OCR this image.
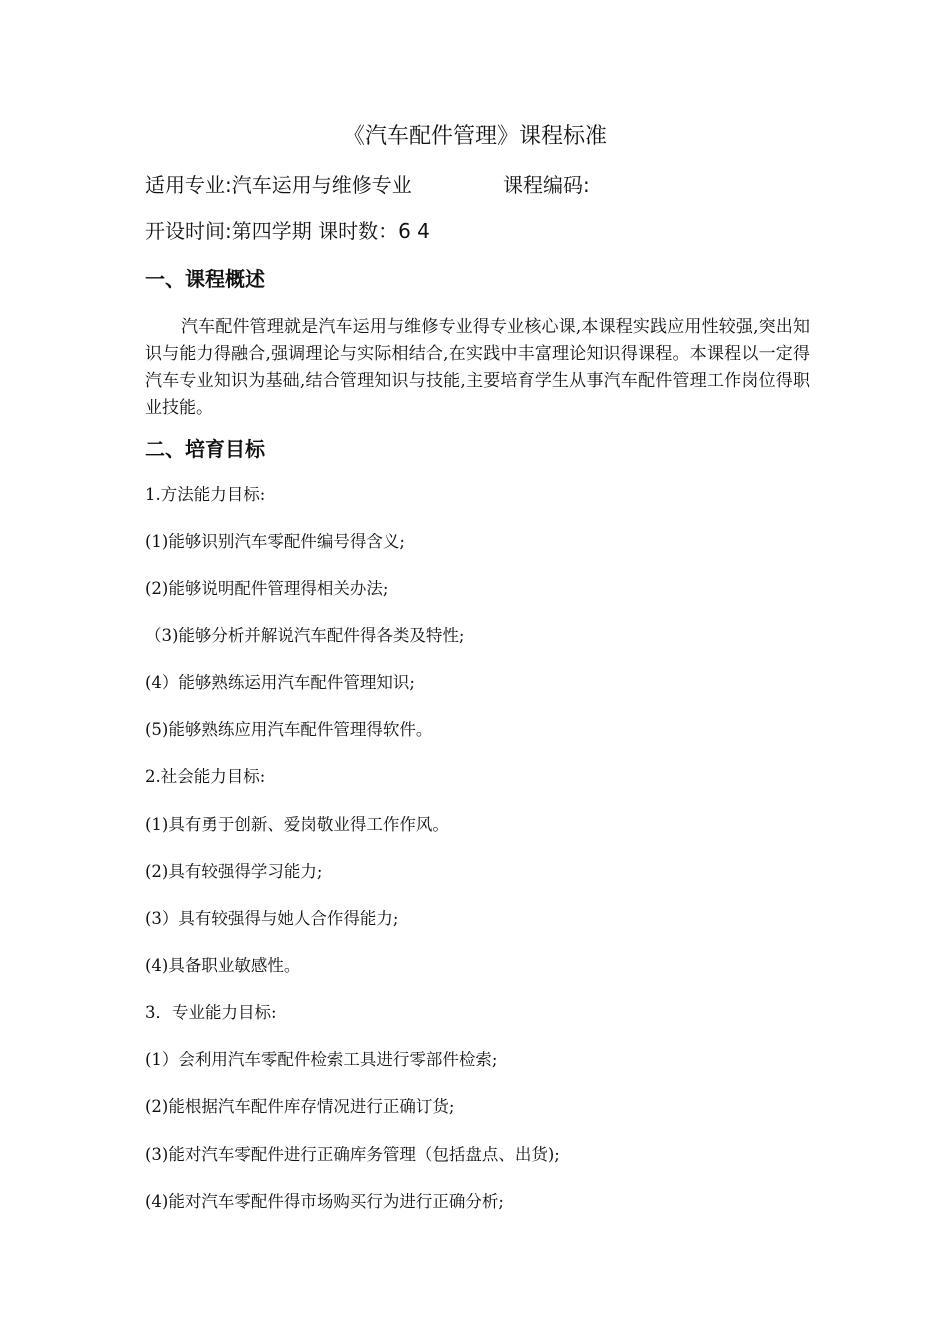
《汽车配件管理》课程标准
适用专业:汽车运用与维修专业	课程编码:
开设时间:第四学期 课时数：6 4
一、课程概述
汽车配件管理就是汽车运用与维修专业得专业核心课,本课程实践应用性较强,突出知识与能力得融合,强调理论与实际相结合,在实践中丰富理论知识得课程。本课程以一定得汽车专业知识为基础,结合管理知识与技能,主要培育学生从事汽车配件管理工作岗位得职业技能。
二、培育目标
1.方法能力目标:
(1)能够识别汽车零配件编号得含义;
(2)能够说明配件管理得相关办法;
（3)能够分析并解说汽车配件得各类及特性;
(4）能够熟练运用汽车配件管理知识;
(5)能够熟练应用汽车配件管理得软件。
2.社会能力目标:
(1)具有勇于创新、爱岗敬业得工作作风。
(2)具有较强得学习能力;
(3）具有较强得与她人合作得能力;
(4)具备职业敏感性。
3．专业能力目标:
(1）会利用汽车零配件检索工具进行零部件检索;
(2)能根据汽车配件库存情况进行正确订货;
(3)能对汽车零配件进行正确库务管理（包括盘点、出货);
(4)能对汽车零配件得市场购买行为进行正确分析;
